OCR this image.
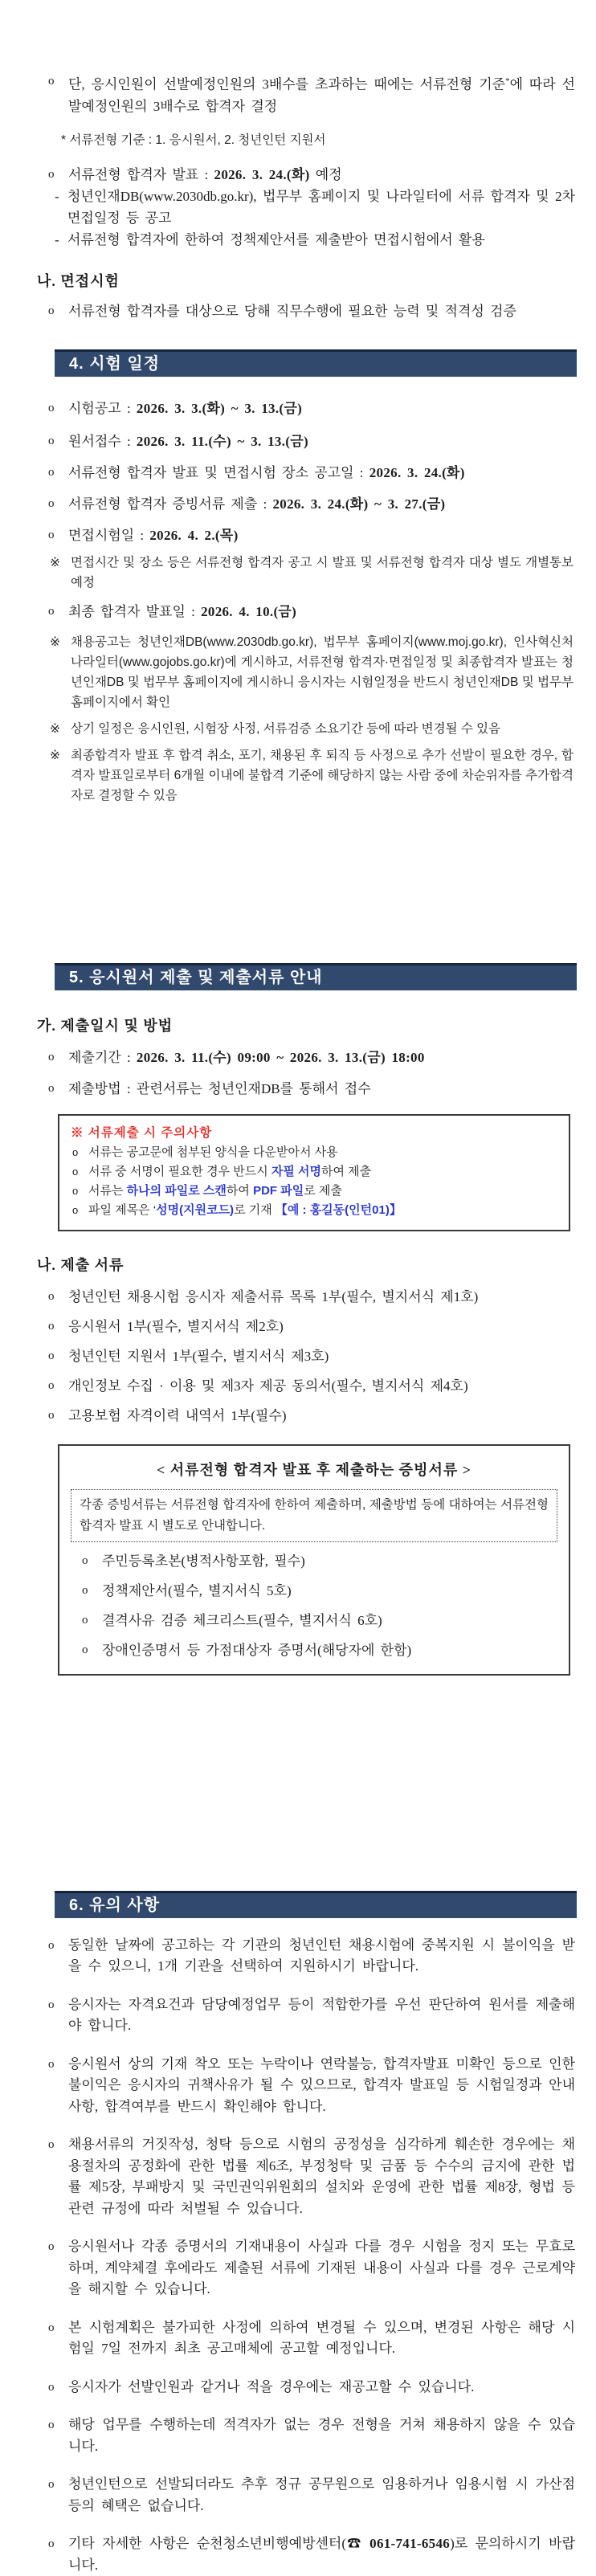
o 단, 응시인원이 선발예정인원의 3배수를 초과하는 때에는 서류전형 기준*에 따라 선발예정인원의 3배수로 합격자 결정

* 서류전형 기준 : 1. 응시원서, 2. 청년인턴 지원서

o 서류전형 합격자 발표 : 2026. 3. 24.(화) 예정

- 청년인재DB(www.2030db.go.kr), 법무부 홈페이지 및 나라일터에 서류 합격자 및 2차 면접일정 등 공고

- 서류전형 합격자에 한하여 정책제안서를 제출받아 면접시험에서 활용

나. 면접시험

o 서류전형 합격자를 대상으로 당해 직무수행에 필요한 능력 및 적격성 검증

4. 시험 일정

o 시험공고 : 2026. 3. 3.(화) ~ 3. 13.(금)

o 원서접수 : 2026. 3. 11.(수) ~ 3. 13.(금)

o 서류전형 합격자 발표 및 면접시험 장소 공고일 : 2026. 3. 24.(화)

o 서류전형 합격자 증빙서류 제출 : 2026. 3. 24.(화) ~ 3. 27.(금)

o 면접시험일 : 2026. 4. 2.(목)

※ 면접시간 및 장소 등은 서류전형 합격자 공고 시 발표 및 서류전형 합격자 대상 별도 개별통보 예정

o 최종 합격자 발표일 : 2026. 4. 10.(금)

※ 채용공고는 청년인재DB(www.2030db.go.kr), 법무부 홈페이지(www.moj.go.kr), 인사혁신처 나라일터(www.gojobs.go.kr)에 게시하고, 서류전형 합격자·면접일정 및 최종합격자 발표는 청년인재DB 및 법무부 홈페이지에 게시하니 응시자는 시험일정을 반드시 청년인재DB 및 법무부 홈페이지에서 확인

※ 상기 일정은 응시인원, 시험장 사정, 서류검증 소요기간 등에 따라 변경될 수 있음

※ 최종합격자 발표 후 합격 취소, 포기, 채용된 후 퇴직 등 사정으로 추가 선발이 필요한 경우, 합격자 발표일로부터 6개월 이내에 불합격 기준에 해당하지 않는 사람 중에 차순위자를 추가합격자로 결정할 수 있음

5. 응시원서 제출 및 제출서류 안내
가. 제출일시 및 방법

o 제출기간 : 2026. 3. 11.(수) 09:00 ~ 2026. 3. 13.(금) 18:00

o 제출방법 : 관련서류는 청년인재DB를 통해서 접수

※ 서류제출 시 주의사항
o 서류는 공고문에 첨부된 양식을 다운받아서 사용
o 서류 중 서명이 필요한 경우 반드시 자필 서명하여 제출
o 서류는 하나의 파일로 스캔하여 PDF 파일로 제출
o 파일 제목은 ‘성명(지원코드)로 기재 【예 : 홍길동(인턴01)】
나. 제출 서류

o 청년인턴 채용시험 응시자 제출서류 목록 1부(필수, 별지서식 제1호)

o 응시원서 1부(필수, 별지서식 제2호)

o 청년인턴 지원서 1부(필수, 별지서식 제3호)

o 개인정보 수집 · 이용 및 제3자 제공 동의서(필수, 별지서식 제4호)

o 고용보험 자격이력 내역서 1부(필수)

< 서류전형 합격자 발표 후 제출하는 증빙서류 >
각종 증빙서류는 서류전형 합격자에 한하여 제출하며, 제출방법 등에 대하여는 서류전형 합격자 발표 시 별도로 안내합니다.

o 주민등록초본(병적사항포함, 필수)

o 정책제안서(필수, 별지서식 5호)

o 결격사유 검증 체크리스트(필수, 별지서식 6호)

o 장애인증명서 등 가점대상자 증명서(해당자에 한함)

6. 유의 사항

o 동일한 날짜에 공고하는 각 기관의 청년인턴 채용시험에 중복지원 시 불이익을 받을 수 있으니, 1개 기관을 선택하여 지원하시기 바랍니다.

o 응시자는 자격요건과 담당예정업무 등이 적합한가를 우선 판단하여 원서를 제출해야 합니다.

o 응시원서 상의 기재 착오 또는 누락이나 연락불능, 합격자발표 미확인 등으로 인한 불이익은 응시자의 귀책사유가 될 수 있으므로, 합격자 발표일 등 시험일정과 안내사항, 합격여부를 반드시 확인해야 합니다.

o 채용서류의 거짓작성, 청탁 등으로 시험의 공정성을 심각하게 훼손한 경우에는 채용절차의 공정화에 관한 법률 제6조, 부정청탁 및 금품 등 수수의 금지에 관한 법률 제5장, 부패방지 및 국민권익위원회의 설치와 운영에 관한 법률 제8장, 형법 등 관련 규정에 따라 처벌될 수 있습니다.

o 응시원서나 각종 증명서의 기재내용이 사실과 다를 경우 시험을 정지 또는 무효로 하며, 계약체결 후에라도 제출된 서류에 기재된 내용이 사실과 다를 경우 근로계약을 해지할 수 있습니다.

o 본 시험계획은 불가피한 사정에 의하여 변경될 수 있으며, 변경된 사항은 해당 시험일 7일 전까지 최초 공고매체에 공고할 예정입니다.

o 응시자가 선발인원과 같거나 적을 경우에는 재공고할 수 있습니다.

o 해당 업무를 수행하는데 적격자가 없는 경우 전형을 거쳐 채용하지 않을 수 있습니다.

o 청년인턴으로 선발되더라도 추후 정규 공무원으로 임용하거나 임용시험 시 가산점 등의 혜택은 없습니다.

o 기타 자세한 사항은 순천청소년비행예방센터(☎ 061-741-6546)로 문의하시기 바랍니다.
